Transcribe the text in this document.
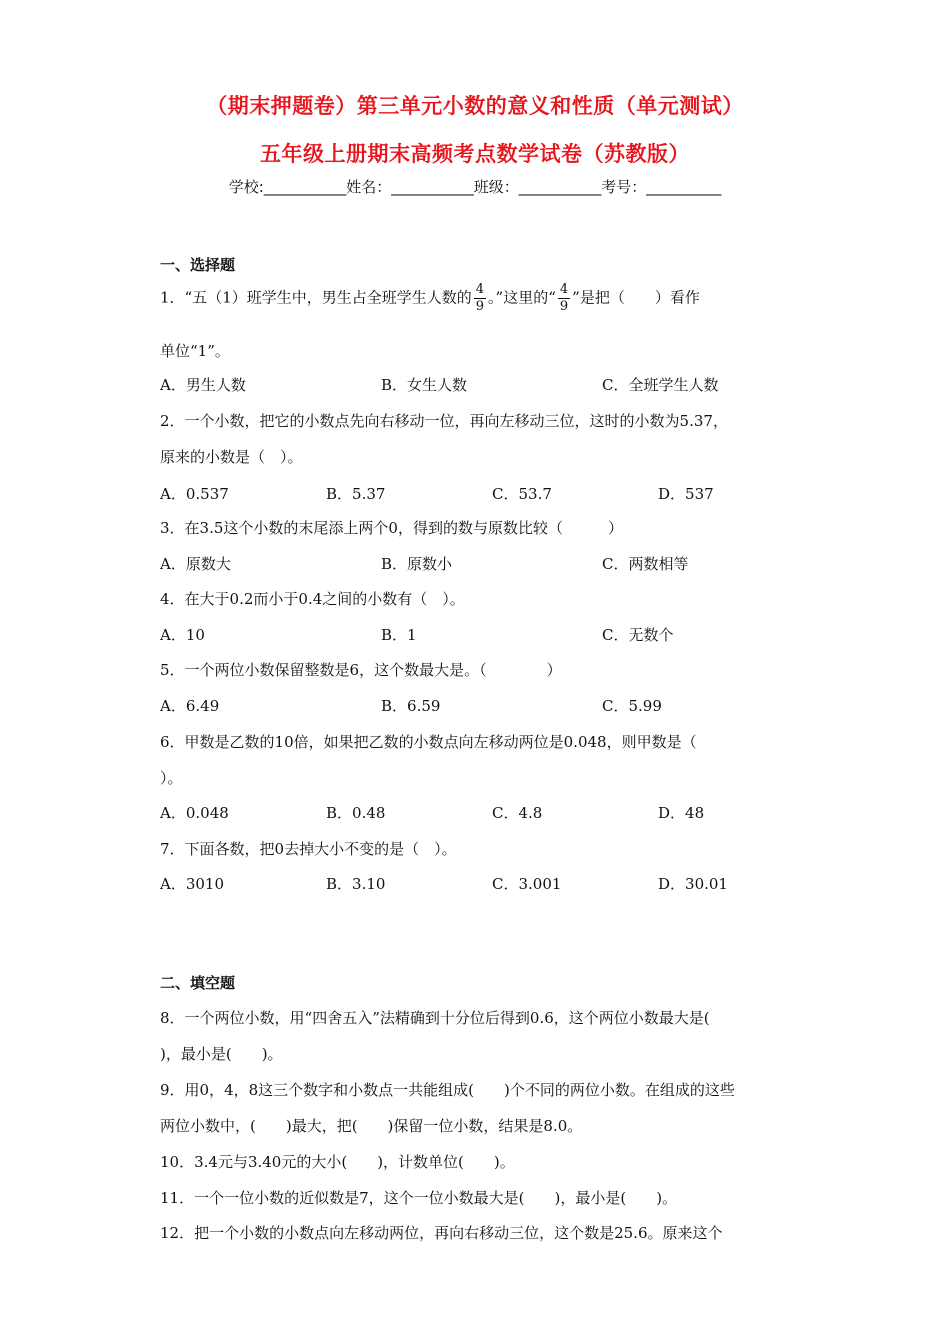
（期末押题卷）第三单元小数的意义和性质（单元测试）
五年级上册期末高频考点数学试卷（苏教版）
学校:___________姓名：___________班级：___________考号：__________
一、选择题
1．“五（1）班学生中，男生占全班学生人数的 $\frac{4}{9}$ 。”这里的“ $\frac{4}{9}$ ”是把（　　）看作
单位“1”。
A．男生人数	B．女生人数	C．全班学生人数
2．一个小数，把它的小数点先向右移动一位，再向左移动三位，这时的小数为5.37，
原来的小数是（　）。
A．0.537	B．5.37	C．53.7	D．537
3．在3.5这个小数的末尾添上两个0，得到的数与原数比较（　　　）
A．原数大	B．原数小	C．两数相等
4．在大于0.2而小于0.4之间的小数有（　）。
A．10	B．1	C．无数个
5．一个两位小数保留整数是6，这个数最大是。（　　　　）
A．6.49	B．6.59	C．5.99
6．甲数是乙数的10倍，如果把乙数的小数点向左移动两位是0.048，则甲数是（
）。
A．0.048	B．0.48	C．4.8	D．48
7．下面各数，把0去掉大小不变的是（　）。
A．3010	B．3.10	C．3.001	D．30.01
二、填空题
8．一个两位小数，用“四舍五入”法精确到十分位后得到0.6，这个两位小数最大是(
)，最小是(　　)。
9．用0，4，8这三个数字和小数点一共能组成(　　)个不同的两位小数。在组成的这些
两位小数中，(　　)最大，把(　　)保留一位小数，结果是8.0。
10．3.4元与3.40元的大小(　　)，计数单位(　　)。
11．一个一位小数的近似数是7，这个一位小数最大是(　　)，最小是(　　)。
12．把一个小数的小数点向左移动两位，再向右移动三位，这个数是25.6。原来这个
